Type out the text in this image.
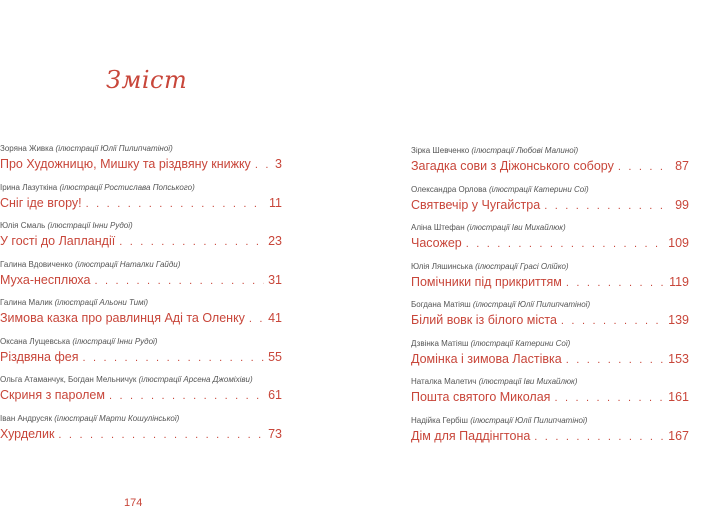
Зміст
Зоряна Живка (ілюстрації Юлії Пилипчатіної)
Про Художницю, Мишку та різдвяну книжку . . . 3
Ірина Лазуткіна (ілюстрації Ростислава Попського)
Сніг іде вгору! . . .	11
Юлія Смаль (ілюстрації Інни Рудої)
У гості до Лапландії . . .	23
Галина Вдовиченко (ілюстрації Наталки Гайди)
Муха-несплюха . . .	31
Галина Малик (ілюстрації Альони Тимі)
Зимова казка про равлинця Аді та Оленку . . . 41
Оксана Лущевська (ілюстрації Інни Рудої)
Різдвяна фея . . .	55
Ольга Атаманчук, Богдан Мельничук (ілюстрації Арсена Джоміхіви)
Скриня з паролем . . .	61
Іван Андрусяк (ілюстрації Марти Кошулінської)
Хурделик . . .	73
Зірка Шевченко (ілюстрації Любові Малиної)
Загадка сови з Діжонського собору . . .	87
Олександра Орлова (ілюстрації Катерини Сої)
Святвечір у Чугайстра . . .	99
Аліна Штефан (ілюстрації Іви Михайлюк)
Часожер . . .	109
Юлія Ляшинська (ілюстрації Грасі Олійко)
Помічники під прикриттям . . .	119
Богдана Матіяш (ілюстрації Юлії Пилипчатіної)
Білий вовк із білого міста . . .	139
Дзвінка Матіяш (ілюстрації Катерини Сої)
Домінка і зимова Ластівка . . .	153
Наталка Малетич (ілюстрації Іви Михайлюк)
Пошта святого Миколая . . .	161
Надійка Гербіш (ілюстрації Юлії Пилипчатіної)
Дім для Паддінгтона . . .	167
174
